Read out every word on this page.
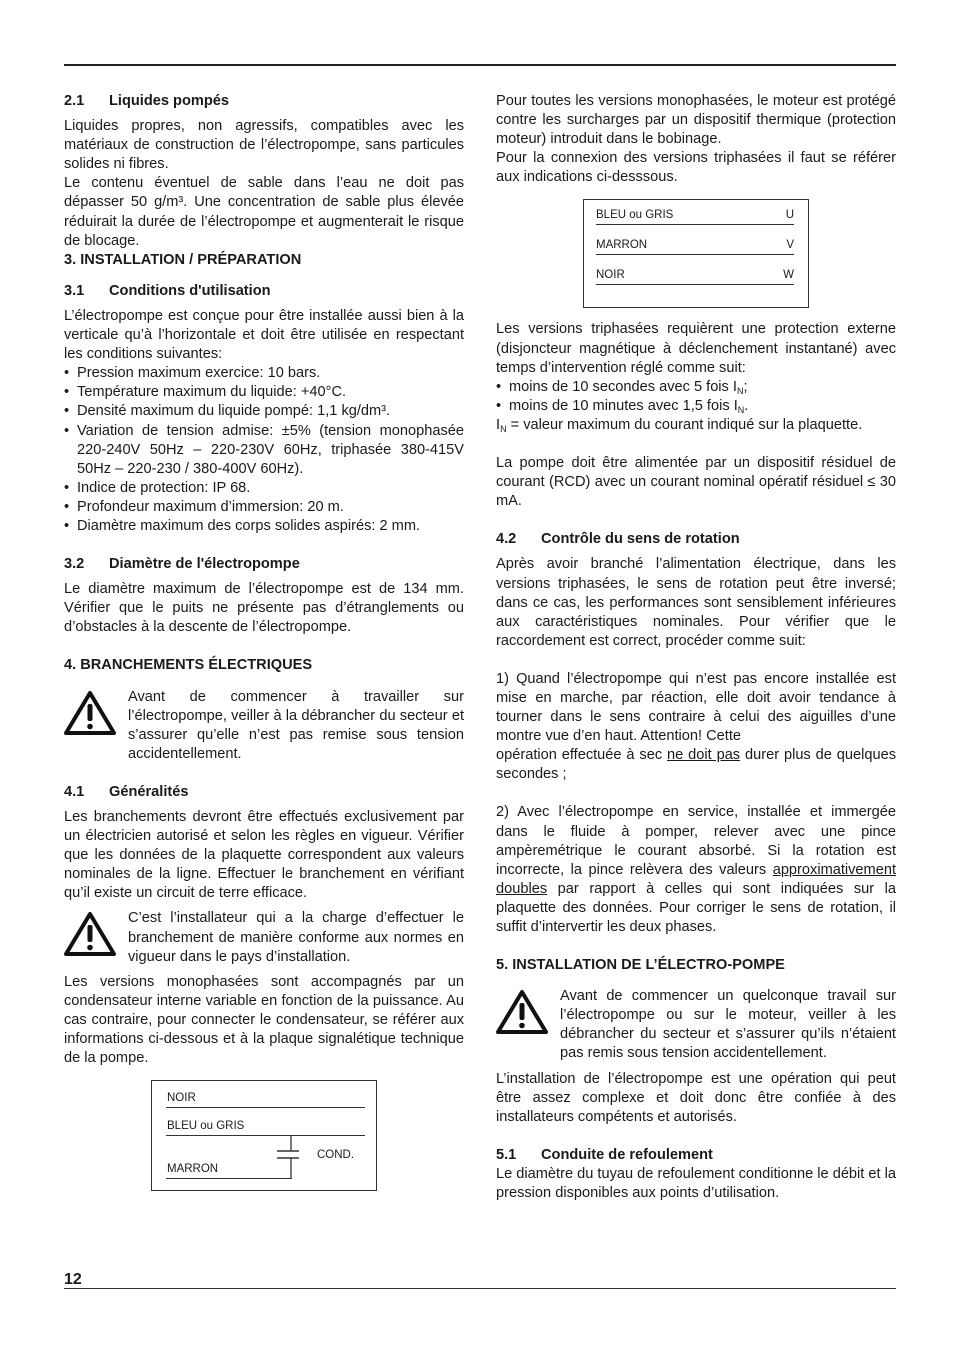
2.1 Liquides pompés

Liquides propres, non agressifs, compatibles avec les matériaux de construction de l’électropompe, sans particules solides ni fibres.

Le contenu éventuel de sable dans l’eau ne doit pas dépasser 50 g/m³. Une concentration de sable plus élevée réduirait la durée de l’électropompe et augmenterait le risque de blocage.

3. INSTALLATION / PRÉPARATION
3.1 Conditions d'utilisation

L’électropompe est conçue pour être installée aussi bien à la verticale qu’à l’horizontale et doit être utilisée en respectant les conditions suivantes:

• Pression maximum exercice: 10 bars.
• Température maximum du liquide: +40°C.
• Densité maximum du liquide pompé: 1,1 kg/dm³.
• Variation de tension admise: ±5% (tension monophasée 220-240V 50Hz – 220-230V 60Hz, triphasée 380-415V 50Hz – 220-230 / 380-400V 60Hz).
• Indice de protection: IP 68.
• Profondeur maximum d’immersion: 20 m.
• Diamètre maximum des corps solides aspirés: 2 mm.
3.2 Diamètre de l'électropompe

Le diamètre maximum de l’électropompe est de 134 mm. Vérifier que le puits ne présente pas d’étranglements ou d’obstacles à la descente de l’électropompe.

4. BRANCHEMENTS ÉLECTRIQUES

Avant de commencer à travailler sur l’électropompe, veiller à la débrancher du secteur et s’assurer qu’elle n’est pas remise sous tension accidentellement.

4.1 Généralités

Les branchements devront être effectués exclusivement par un électricien autorisé et selon les règles en vigueur. Vérifier que les données de la plaquette correspondent aux valeurs nominales de la ligne. Effectuer le branchement en vérifiant qu’il existe un circuit de terre efficace.

C’est l’installateur qui a la charge d’effectuer le branchement de manière conforme aux normes en vigueur dans le pays d’installation.

Les versions monophasées sont accompagnés par un condensateur interne variable en fonction de la puissance. Au cas contraire, pour connecter le condensateur, se référer aux informations ci-dessous et à la plaque signalétique technique de la pompe.

NOIR
BLEU ou GRIS
MARRON
COND.

Pour toutes les versions monophasées, le moteur est protégé contre les surcharges par un dispositif thermique (protection moteur) introduit dans le bobinage.

Pour la connexion des versions triphasées il faut se référer aux indications ci-desssous.

BLEU ou GRIS	U
MARRON	V
NOIR	W

Les versions triphasées requièrent une protection externe (disjoncteur magnétique à déclenchement instantané) avec temps d’intervention réglé comme suit:

• moins de 10 secondes avec 5 fois $I_N$;
• moins de 10 minutes avec 1,5 fois $I_N$.

$I_N$ = valeur maximum du courant indiqué sur la plaquette.

La pompe doit être alimentée par un dispositif résiduel de courant (RCD) avec un courant nominal opératif résiduel ≤ 30 mA.

4.2 Contrôle du sens de rotation

Après avoir branché l’alimentation électrique, dans les versions triphasées, le sens de rotation peut être inversé; dans ce cas, les performances sont sensiblement inférieures aux caractéristiques nominales. Pour vérifier que le raccordement est correct, procéder comme suit:

1) Quand l’électropompe qui n’est pas encore installée est mise en marche, par réaction, elle doit avoir tendance à tourner dans le sens contraire à celui des aiguilles d’une montre vue d’en haut. Attention! Cette

opération effectuée à sec ne doit pas durer plus de quelques secondes ;

2) Avec l’électropompe en service, installée et immergée dans le fluide à pomper, relever avec une pince ampèremétrique le courant absorbé. Si la rotation est incorrecte, la pince relèvera des valeurs approximativement doubles par rapport à celles qui sont indiquées sur la plaquette des données. Pour corriger le sens de rotation, il suffit d’intervertir les deux phases.

5. INSTALLATION DE L’ÉLECTRO-POMPE

Avant de commencer un quelconque travail sur l’électropompe ou sur le moteur, veiller à les débrancher du secteur et s’assurer qu’ils n’étaient pas remis sous tension accidentellement.

L’installation de l’électropompe est une opération qui peut être assez complexe et doit donc être confiée à des installateurs compétents et autorisés.

5.1 Conduite de refoulement

Le diamètre du tuyau de refoulement conditionne le débit et la pression disponibles aux points d’utilisation.

12
